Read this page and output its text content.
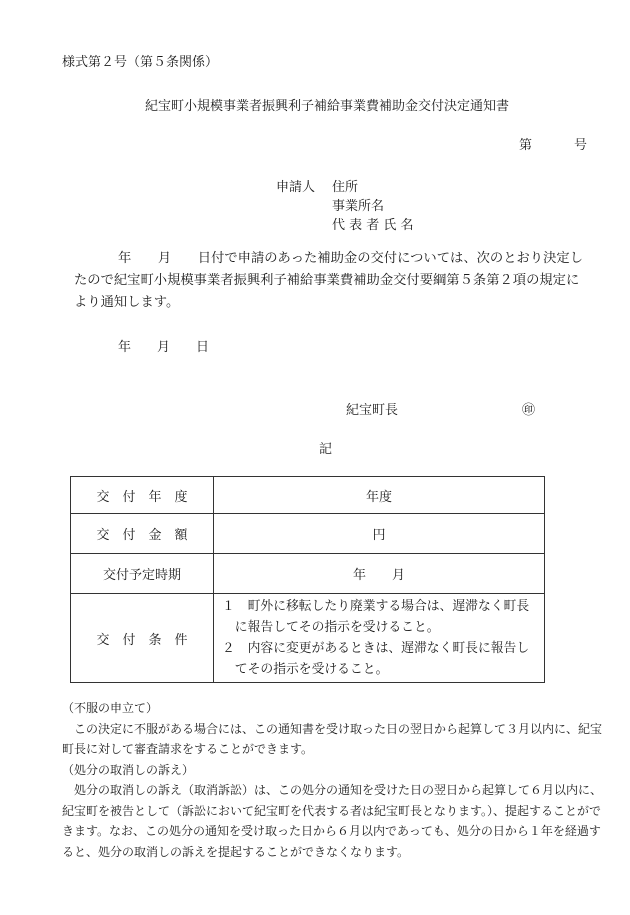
様式第２号（第５条関係）
紀宝町小規模事業者振興利子補給事業費補助金交付決定通知書
第	号
申請人 住所
事業所名
代 表 者 氏 名
年　　月　　日付で申請のあった補助金の交付については、次のとおり決定し
たので紀宝町小規模事業者振興利子補給事業費補助金交付要綱第５条第２項の規定に
より通知します。
年　　月　　日
紀宝町長	㊞
記
交　付　年　度	年度
交　付　金　額	円
交付予定時期	年　　月
交　付　条　件	１　町外に移転したり廃業する場合は、遅滞なく町長
　に報告してその指示を受けること。
２　内容に変更があるときは、遅滞なく町長に報告し
　てその指示を受けること。
（不服の申立て）
　この決定に不服がある場合には、この通知書を受け取った日の翌日から起算して３月以内に、紀宝
町長に対して審査請求をすることができます。
（処分の取消しの訴え）
　処分の取消しの訴え（取消訴訟）は、この処分の通知を受けた日の翌日から起算して６月以内に、
紀宝町を被告として（訴訟において紀宝町を代表する者は紀宝町長となります。）、提起することがで
きます。なお、この処分の通知を受け取った日から６月以内であっても、処分の日から１年を経過す
ると、処分の取消しの訴えを提起することができなくなります。
